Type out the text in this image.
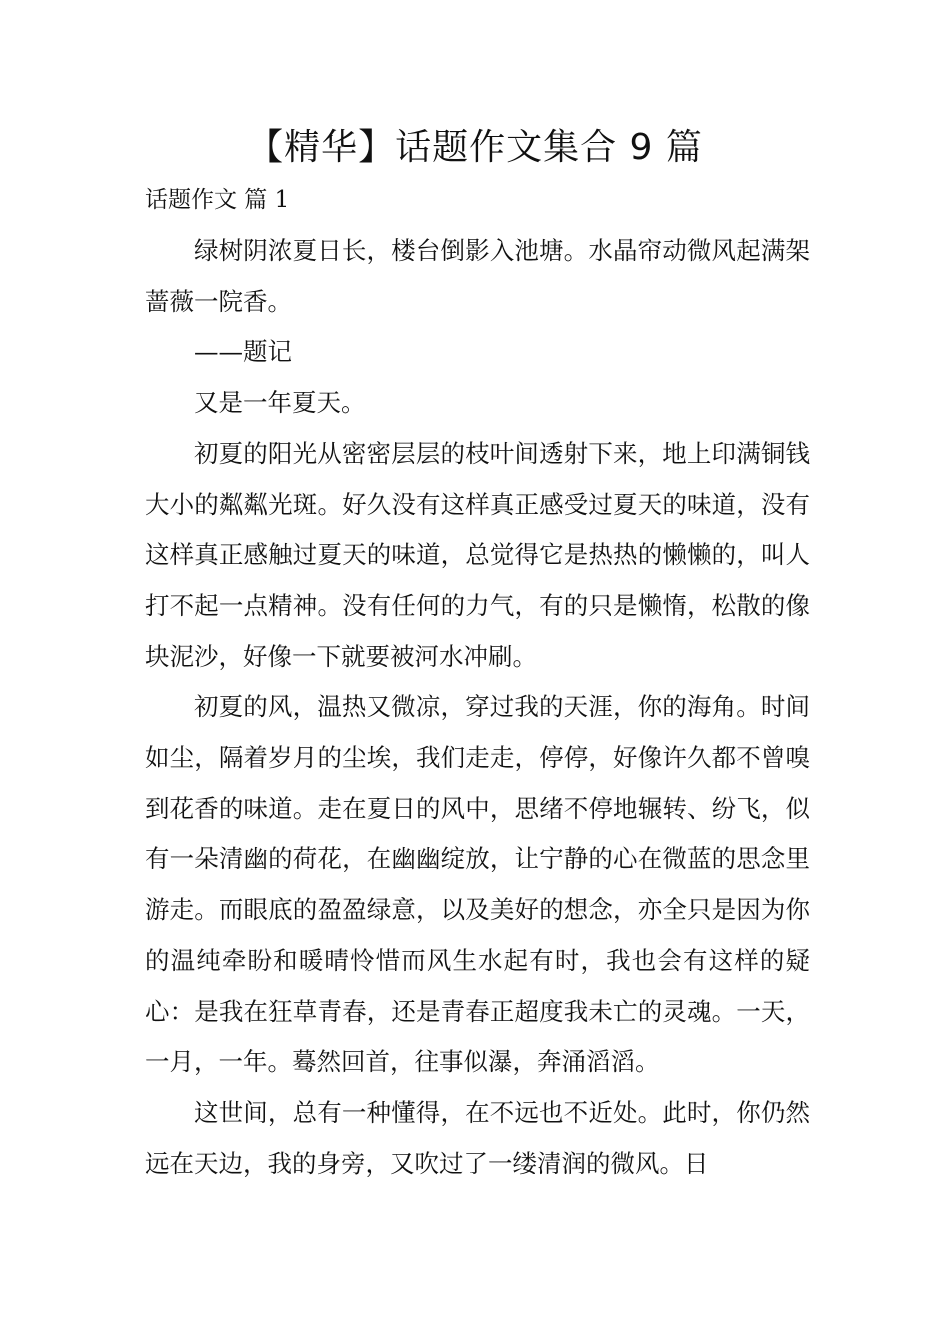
【精华】话题作文集合 9 篇
话题作文 篇 1

绿树阴浓夏日长，楼台倒影入池塘。水晶帘动微风起满架蔷薇一院香。

——题记

又是一年夏天。

初夏的阳光从密密层层的枝叶间透射下来，地上印满铜钱大小的粼粼光斑。好久没有这样真正感受过夏天的味道，没有这样真正感触过夏天的味道，总觉得它是热热的懒懒的，叫人打不起一点精神。没有任何的力气，有的只是懒惰，松散的像块泥沙，好像一下就要被河水冲刷。

初夏的风，温热又微凉，穿过我的天涯，你的海角。时间如尘，隔着岁月的尘埃，我们走走，停停，好像许久都不曾嗅到花香的味道。走在夏日的风中，思绪不停地辗转、纷飞，似有一朵清幽的荷花，在幽幽绽放，让宁静的心在微蓝的思念里游走。而眼底的盈盈绿意，以及美好的想念，亦全只是因为你的温纯牵盼和暖晴怜惜而风生水起有时，我也会有这样的疑心：是我在狂草青春，还是青春正超度我未亡的灵魂。一天，一月，一年。蓦然回首，往事似瀑，奔涌滔滔。

这世间，总有一种懂得，在不远也不近处。此时，你仍然远在天边，我的身旁，又吹过了一缕清润的微风。日
